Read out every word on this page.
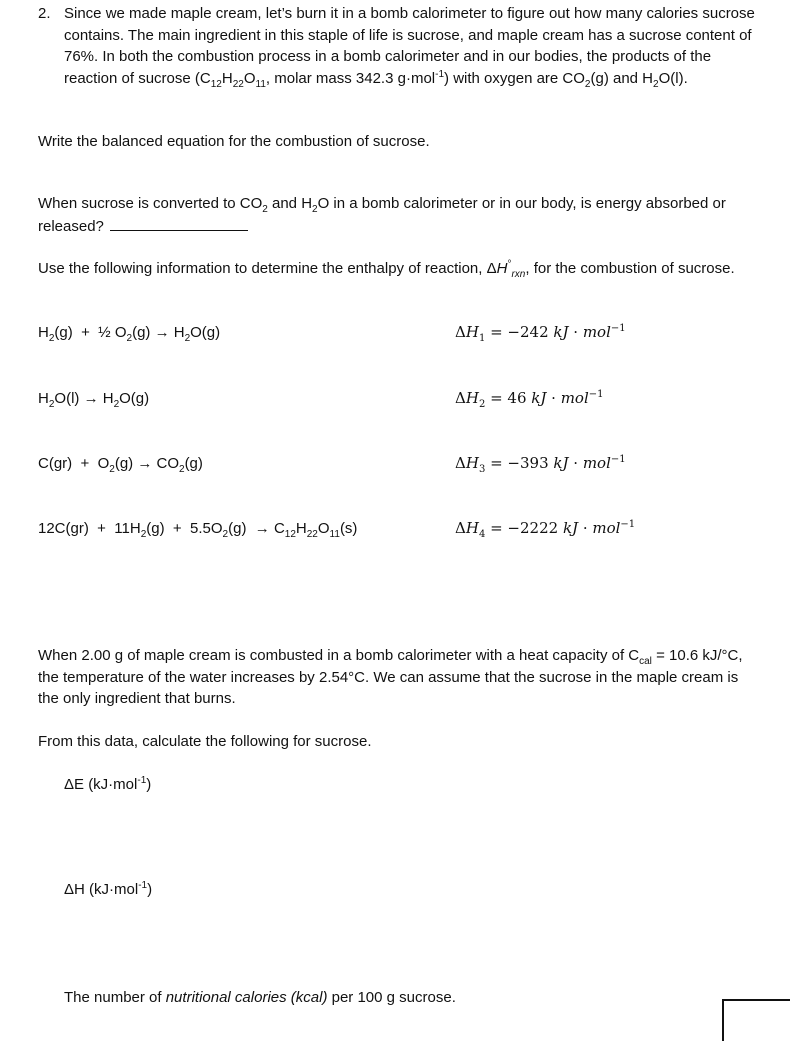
2. Since we made maple cream, let’s burn it in a bomb calorimeter to figure out how many calories sucrose contains. The main ingredient in this staple of life is sucrose, and maple cream has a sucrose content of 76%. In both the combustion process in a bomb calorimeter and in our bodies, the products of the reaction of sucrose ($C_{12}H_{22}O_{11}$, molar mass 342.3 g·mol$^{-1}$) with oxygen are $CO_2(g)$ and $H_2O(l)$.

Write the balanced equation for the combustion of sucrose.

When sucrose is converted to $CO_2$ and $H_2O$ in a bomb calorimeter or in our body, is energy absorbed or released?

Use the following information to determine the enthalpy of reaction, $\Delta H^\circ_{rxn}$, for the combustion of sucrose.

$H_2(g)$  +  ½ $O_2(g) \to H_2O(g)$	$\Delta H_1 = -242$ kJ · mol$^{-1}$

$H_2O(l) \to H_2O(g)$	$\Delta H_2 = 46$ kJ · mol$^{-1}$

$C(gr) + O_2(g) \to CO_2(g)$	$\Delta H_3 = -393$ kJ · mol$^{-1}$

$12C(gr) + 11H_2(g) + 5.5O_2(g) \to C_{12}H_{22}O_{11}(s)$	$\Delta H_4 = -2222$ kJ · mol$^{-1}$

When 2.00 g of maple cream is combusted in a bomb calorimeter with a heat capacity of $C_{cal} = 10.6$ kJ/°C, the temperature of the water increases by 2.54°C. We can assume that the sucrose in the maple cream is the only ingredient that burns.

From this data, calculate the following for sucrose.

ΔE (kJ·mol$^{-1}$)

ΔH (kJ·mol$^{-1}$)

The number of nutritional calories (kcal) per 100 g sucrose.
